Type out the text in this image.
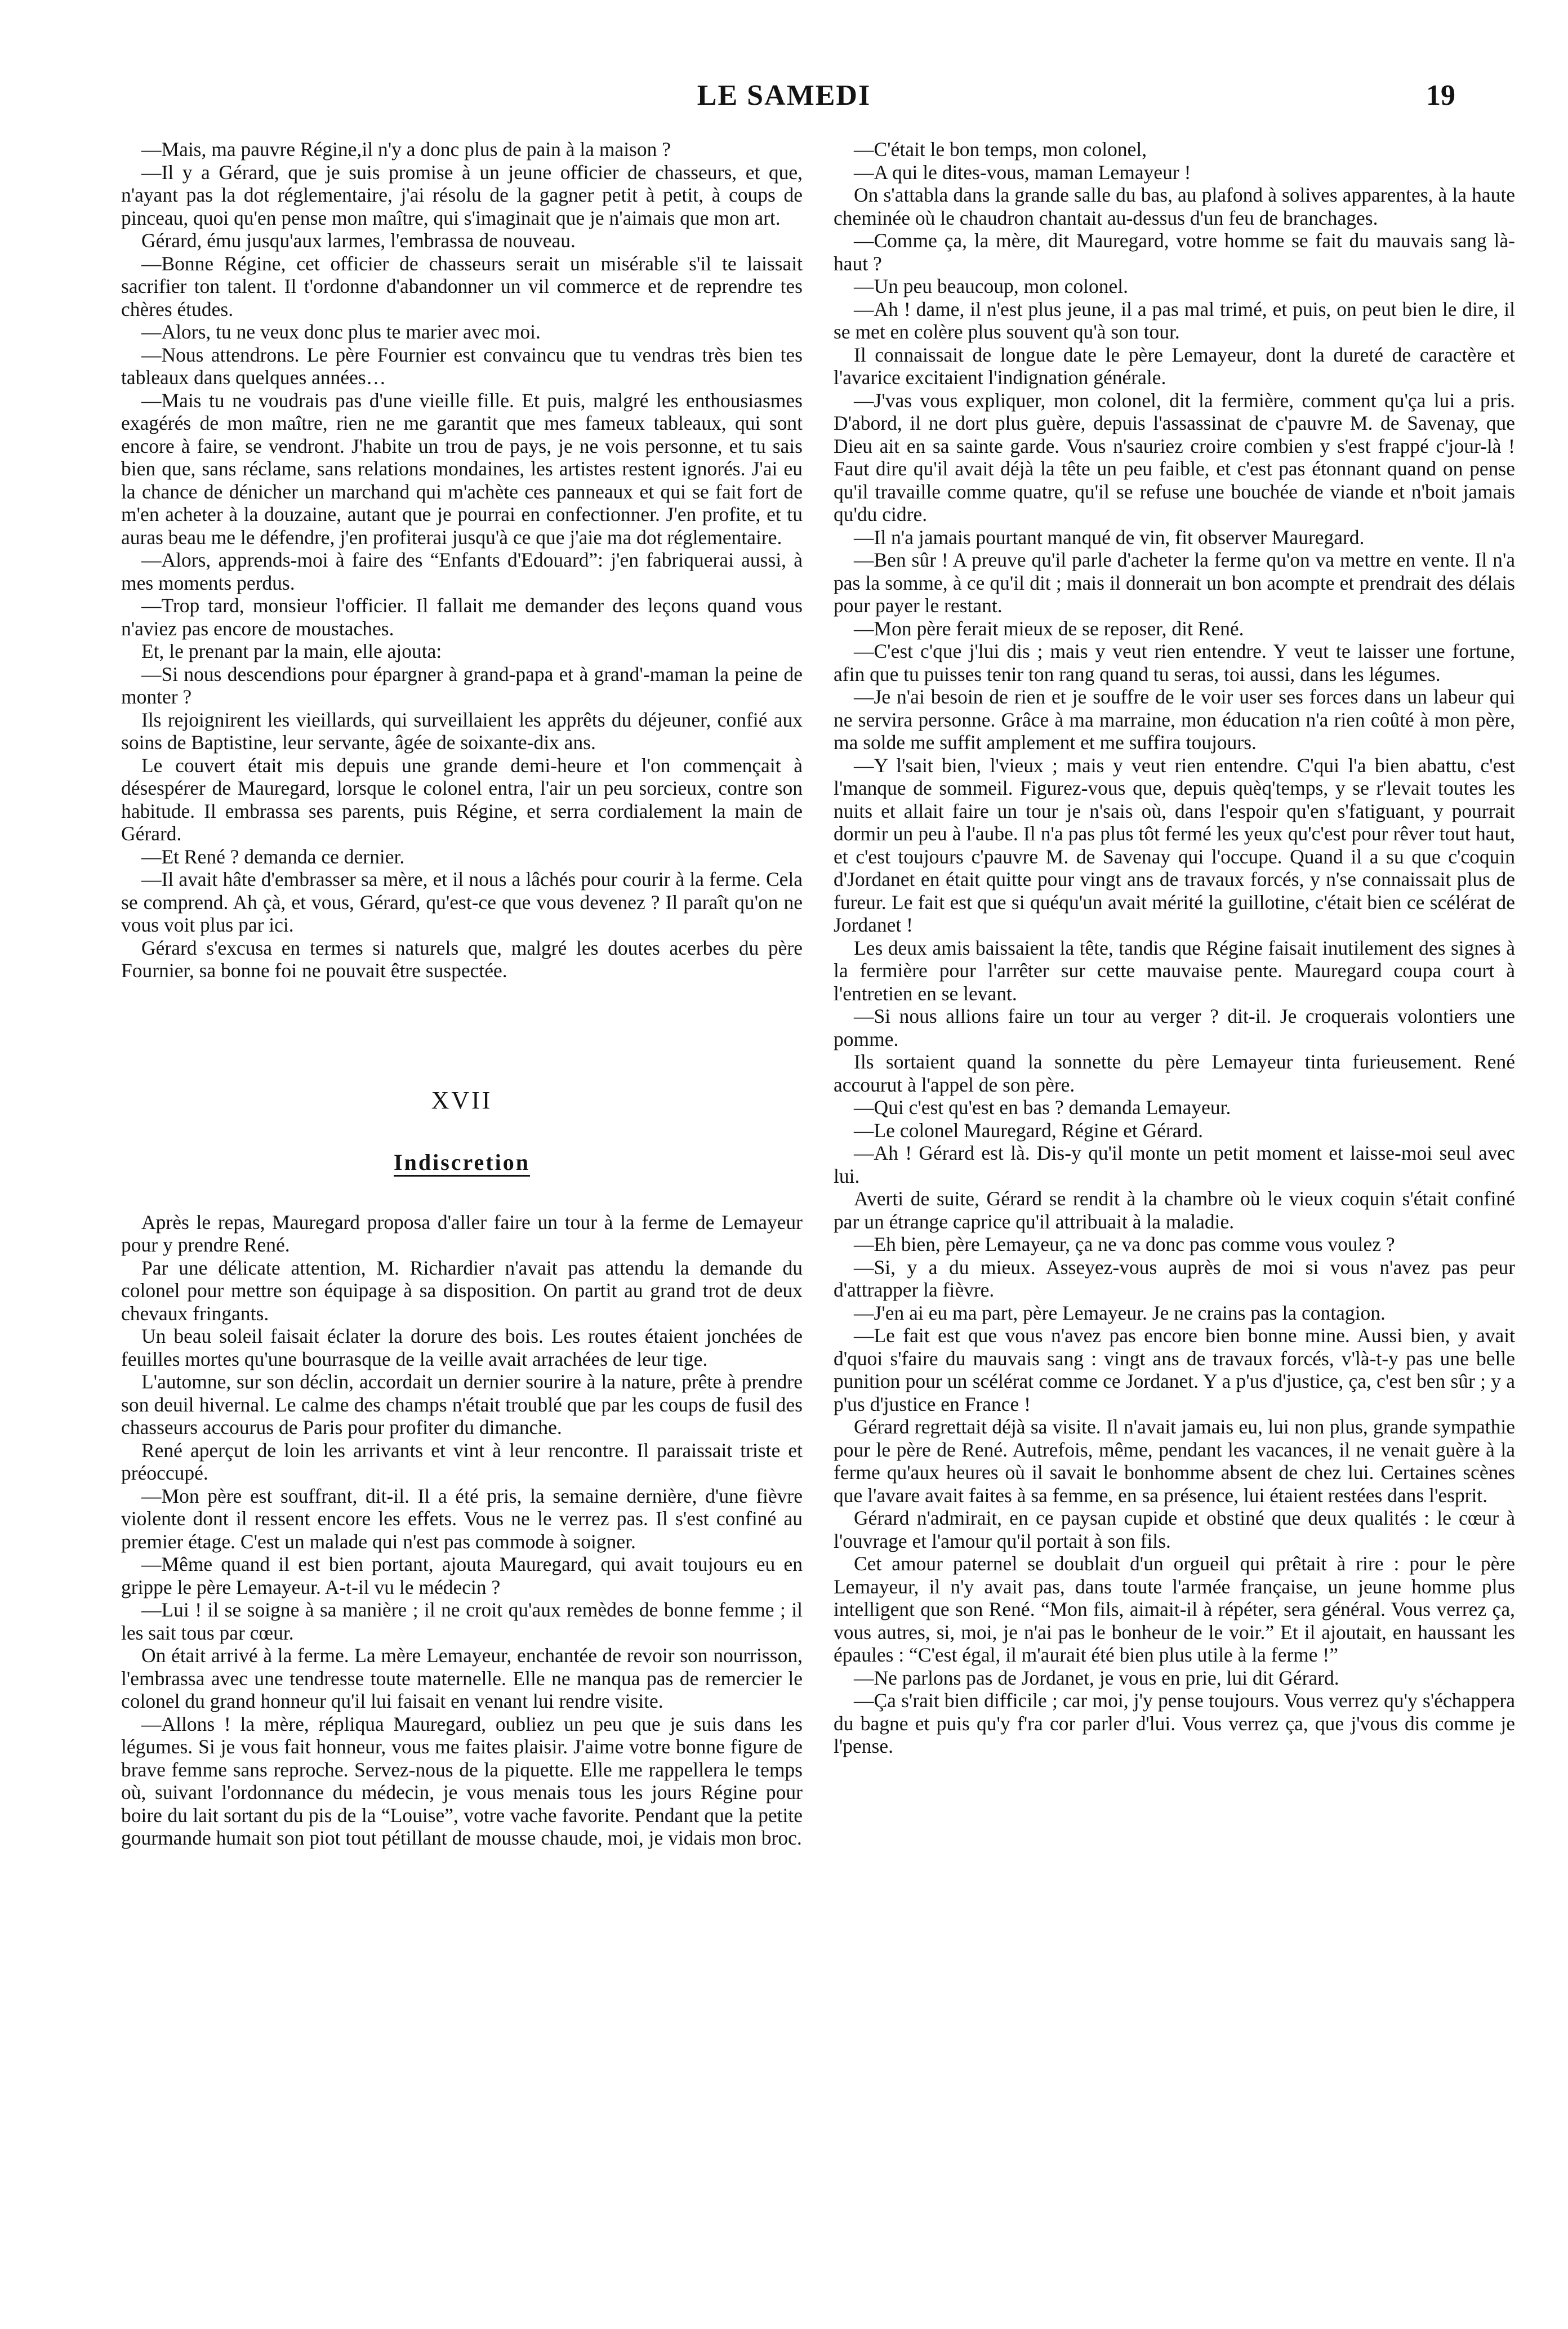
LE SAMEDI	19

—Mais, ma pauvre Régine,il n'y a donc plus de pain à la maison ?

—Il y a Gérard, que je suis promise à un jeune officier de chasseurs, et que, n'ayant pas la dot réglementaire, j'ai résolu de la gagner petit à petit, à coups de pinceau, quoi qu'en pense mon maître, qui s'imaginait que je n'aimais que mon art.

Gérard, ému jusqu'aux larmes, l'embrassa de nouveau.

—Bonne Régine, cet officier de chasseurs serait un misérable s'il te laissait sacrifier ton talent. Il t'ordonne d'abandonner un vil commerce et de reprendre tes chères études.

—Alors, tu ne veux donc plus te marier avec moi.

—Nous attendrons. Le père Fournier est convaincu que tu vendras très bien tes tableaux dans quelques années…

—Mais tu ne voudrais pas d'une vieille fille. Et puis, malgré les enthousiasmes exagérés de mon maître, rien ne me garantit que mes fameux tableaux, qui sont encore à faire, se vendront. J'habite un trou de pays, je ne vois personne, et tu sais bien que, sans réclame, sans relations mondaines, les artistes restent ignorés. J'ai eu la chance de dénicher un marchand qui m'achète ces panneaux et qui se fait fort de m'en acheter à la douzaine, autant que je pourrai en confectionner. J'en profite, et tu auras beau me le défendre, j'en profiterai jusqu'à ce que j'aie ma dot réglementaire.

—Alors, apprends-moi à faire des “Enfants d'Edouard”: j'en fabriquerai aussi, à mes moments perdus.

—Trop tard, monsieur l'officier. Il fallait me demander des leçons quand vous n'aviez pas encore de moustaches.

Et, le prenant par la main, elle ajouta:

—Si nous descendions pour épargner à grand-papa et à grand'-maman la peine de monter ?

Ils rejoignirent les vieillards, qui surveillaient les apprêts du déjeuner, confié aux soins de Baptistine, leur servante, âgée de soixante-dix ans.

Le couvert était mis depuis une grande demi-heure et l'on commençait à désespérer de Mauregard, lorsque le colonel entra, l'air un peu sorcieux, contre son habitude. Il embrassa ses parents, puis Régine, et serra cordialement la main de Gérard.

—Et René ? demanda ce dernier.

—Il avait hâte d'embrasser sa mère, et il nous a lâchés pour courir à la ferme. Cela se comprend. Ah çà, et vous, Gérard, qu'est-ce que vous devenez ? Il paraît qu'on ne vous voit plus par ici.

Gérard s'excusa en termes si naturels que, malgré les doutes acerbes du père Fournier, sa bonne foi ne pouvait être suspectée.

XVII
Indiscretion

Après le repas, Mauregard proposa d'aller faire un tour à la ferme de Lemayeur pour y prendre René.

Par une délicate attention, M. Richardier n'avait pas attendu la demande du colonel pour mettre son équipage à sa disposition. On partit au grand trot de deux chevaux fringants.

Un beau soleil faisait éclater la dorure des bois. Les routes étaient jonchées de feuilles mortes qu'une bourrasque de la veille avait arrachées de leur tige.

L'automne, sur son déclin, accordait un dernier sourire à la nature, prête à prendre son deuil hivernal. Le calme des champs n'était troublé que par les coups de fusil des chasseurs accourus de Paris pour profiter du dimanche.

René aperçut de loin les arrivants et vint à leur rencontre. Il paraissait triste et préoccupé.

—Mon père est souffrant, dit-il. Il a été pris, la semaine dernière, d'une fièvre violente dont il ressent encore les effets. Vous ne le verrez pas. Il s'est confiné au premier étage. C'est un malade qui n'est pas commode à soigner.

—Même quand il est bien portant, ajouta Mauregard, qui avait toujours eu en grippe le père Lemayeur. A-t-il vu le médecin ?

—Lui ! il se soigne à sa manière ; il ne croit qu'aux remèdes de bonne femme ; il les sait tous par cœur.

On était arrivé à la ferme. La mère Lemayeur, enchantée de revoir son nourrisson, l'embrassa avec une tendresse toute maternelle. Elle ne manqua pas de remercier le colonel du grand honneur qu'il lui faisait en venant lui rendre visite.

—Allons ! la mère, répliqua Mauregard, oubliez un peu que je suis dans les légumes. Si je vous fait honneur, vous me faites plaisir. J'aime votre bonne figure de brave femme sans reproche. Servez-nous de la piquette. Elle me rappellera le temps où, suivant l'ordonnance du médecin, je vous menais tous les jours Régine pour boire du lait sortant du pis de la “Louise”, votre vache favorite. Pendant que la petite gourmande humait son piot tout pétillant de mousse chaude, moi, je vidais mon broc.

—C'était le bon temps, mon colonel,

—A qui le dites-vous, maman Lemayeur !

On s'attabla dans la grande salle du bas, au plafond à solives apparentes, à la haute cheminée où le chaudron chantait au-dessus d'un feu de branchages.

—Comme ça, la mère, dit Mauregard, votre homme se fait du mauvais sang là-haut ?

—Un peu beaucoup, mon colonel.

—Ah ! dame, il n'est plus jeune, il a pas mal trimé, et puis, on peut bien le dire, il se met en colère plus souvent qu'à son tour.

Il connaissait de longue date le père Lemayeur, dont la dureté de caractère et l'avarice excitaient l'indignation générale.

—J'vas vous expliquer, mon colonel, dit la fermière, comment qu'ça lui a pris. D'abord, il ne dort plus guère, depuis l'assassinat de c'pauvre M. de Savenay, que Dieu ait en sa sainte garde. Vous n'sauriez croire combien y s'est frappé c'jour-là ! Faut dire qu'il avait déjà la tête un peu faible, et c'est pas étonnant quand on pense qu'il travaille comme quatre, qu'il se refuse une bouchée de viande et n'boit jamais qu'du cidre.

—Il n'a jamais pourtant manqué de vin, fit observer Mauregard.

—Ben sûr ! A preuve qu'il parle d'acheter la ferme qu'on va mettre en vente. Il n'a pas la somme, à ce qu'il dit ; mais il donnerait un bon acompte et prendrait des délais pour payer le restant.

—Mon père ferait mieux de se reposer, dit René.

—C'est c'que j'lui dis ; mais y veut rien entendre. Y veut te laisser une fortune, afin que tu puisses tenir ton rang quand tu seras, toi aussi, dans les légumes.

—Je n'ai besoin de rien et je souffre de le voir user ses forces dans un labeur qui ne servira personne. Grâce à ma marraine, mon éducation n'a rien coûté à mon père, ma solde me suffit amplement et me suffira toujours.

—Y l'sait bien, l'vieux ; mais y veut rien entendre. C'qui l'a bien abattu, c'est l'manque de sommeil. Figurez-vous que, depuis quèq'temps, y se r'levait toutes les nuits et allait faire un tour je n'sais où, dans l'espoir qu'en s'fatiguant, y pourrait dormir un peu à l'aube. Il n'a pas plus tôt fermé les yeux qu'c'est pour rêver tout haut, et c'est toujours c'pauvre M. de Savenay qui l'occupe. Quand il a su que c'coquin d'Jordanet en était quitte pour vingt ans de travaux forcés, y n'se connaissait plus de fureur. Le fait est que si quéqu'un avait mérité la guillotine, c'était bien ce scélérat de Jordanet !

Les deux amis baissaient la tête, tandis que Régine faisait inutilement des signes à la fermière pour l'arrêter sur cette mauvaise pente. Mauregard coupa court à l'entretien en se levant.

—Si nous allions faire un tour au verger ? dit-il. Je croquerais volontiers une pomme.

Ils sortaient quand la sonnette du père Lemayeur tinta furieusement. René accourut à l'appel de son père.

—Qui c'est qu'est en bas ? demanda Lemayeur.

—Le colonel Mauregard, Régine et Gérard.

—Ah ! Gérard est là. Dis-y qu'il monte un petit moment et laisse-moi seul avec lui.

Averti de suite, Gérard se rendit à la chambre où le vieux coquin s'était confiné par un étrange caprice qu'il attribuait à la maladie.

—Eh bien, père Lemayeur, ça ne va donc pas comme vous voulez ?

—Si, y a du mieux. Asseyez-vous auprès de moi si vous n'avez pas peur d'attrapper la fièvre.

—J'en ai eu ma part, père Lemayeur. Je ne crains pas la contagion.

—Le fait est que vous n'avez pas encore bien bonne mine. Aussi bien, y avait d'quoi s'faire du mauvais sang : vingt ans de travaux forcés, v'là-t-y pas une belle punition pour un scélérat comme ce Jordanet. Y a p'us d'justice, ça, c'est ben sûr ; y a p'us d'justice en France !

Gérard regrettait déjà sa visite. Il n'avait jamais eu, lui non plus, grande sympathie pour le père de René. Autrefois, même, pendant les vacances, il ne venait guère à la ferme qu'aux heures où il savait le bonhomme absent de chez lui. Certaines scènes que l'avare avait faites à sa femme, en sa présence, lui étaient restées dans l'esprit.

Gérard n'admirait, en ce paysan cupide et obstiné que deux qualités : le cœur à l'ouvrage et l'amour qu'il portait à son fils.

Cet amour paternel se doublait d'un orgueil qui prêtait à rire : pour le père Lemayeur, il n'y avait pas, dans toute l'armée française, un jeune homme plus intelligent que son René. “Mon fils, aimait-il à répéter, sera général. Vous verrez ça, vous autres, si, moi, je n'ai pas le bonheur de le voir.” Et il ajoutait, en haussant les épaules : “C'est égal, il m'aurait été bien plus utile à la ferme !”

—Ne parlons pas de Jordanet, je vous en prie, lui dit Gérard.

—Ça s'rait bien difficile ; car moi, j'y pense toujours. Vous verrez qu'y s'échappera du bagne et puis qu'y f'ra cor parler d'lui. Vous verrez ça, que j'vous dis comme je l'pense.
